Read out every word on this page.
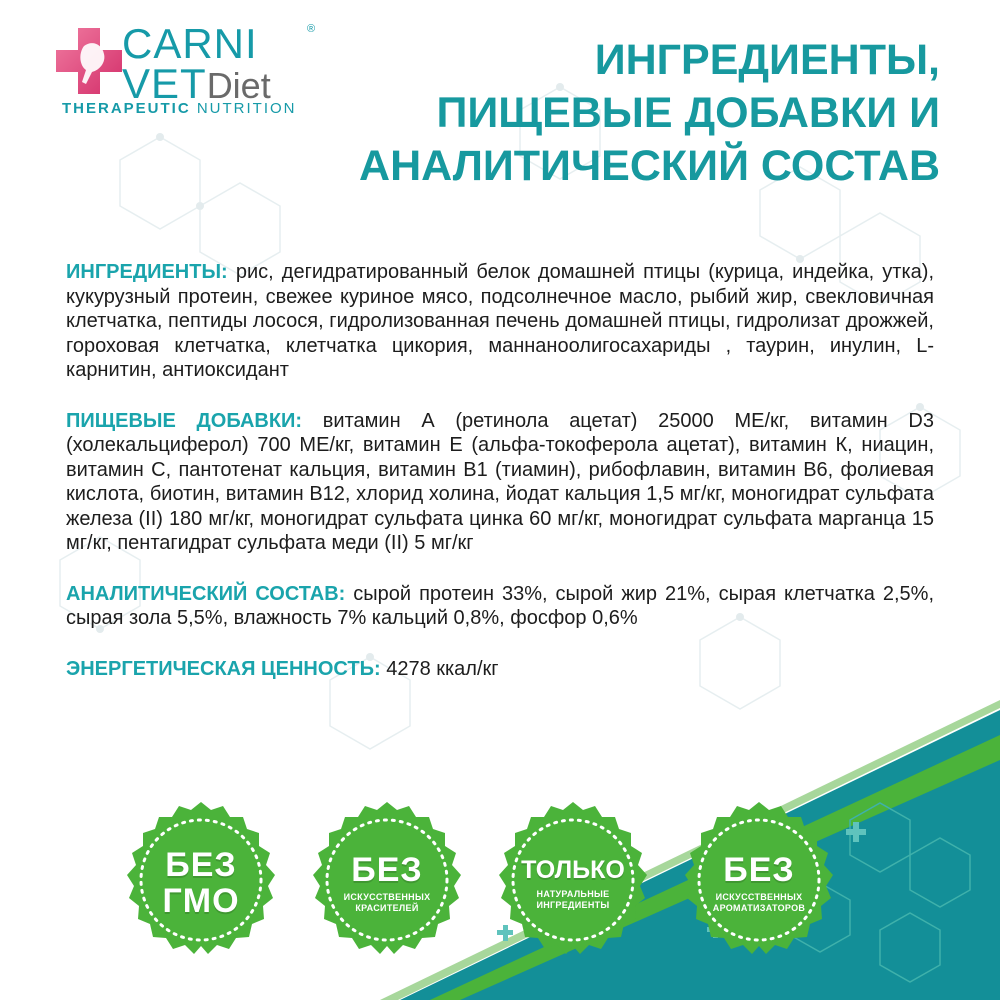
CARNI
VETDiet
®
THERAPEUTIC NUTRITION
ИНГРЕДИЕНТЫ,
ПИЩЕВЫЕ ДОБАВКИ И
АНАЛИТИЧЕСКИЙ СОСТАВ

ИНГРЕДИЕНТЫ: рис, дегидратированный белок домашней птицы (курица, индейка, утка), кукурузный протеин, свежее куриное мясо, подсолнечное масло, рыбий жир, свекловичная клетчатка, пептиды лосося, гидролизованная печень домашней птицы, гидролизат дрожжей, гороховая клетчатка, клетчатка цикория, маннаноолигосахариды , таурин, инулин, L-карнитин, антиоксидант

ПИЩЕВЫЕ ДОБАВКИ: витамин А (ретинола ацетат) 25000 МЕ/кг, витамин D3 (холекальциферол) 700 МЕ/кг, витамин Е (альфа-токоферола ацетат), витамин К, ниацин, витамин С, пантотенат кальция, витамин В1 (тиамин), рибофлавин, витамин В6, фолиевая кислота, биотин, витамин В12, хлорид холина, йодат кальция 1,5 мг/кг, моногидрат сульфата железа (II) 180 мг/кг, моногидрат сульфата цинка 60 мг/кг, моногидрат сульфата марганца 15 мг/кг, пентагидрат сульфата меди (II) 5 мг/кг

АНАЛИТИЧЕСКИЙ СОСТАВ: сырой протеин 33%, сырой жир 21%, сырая клетчатка 2,5%, сырая зола 5,5%, влажность 7% кальций 0,8%, фосфор 0,6%

ЭНЕРГЕТИЧЕСКАЯ ЦЕННОСТЬ: 4278 ккал/кг

БЕЗ
ГМО
БЕЗ
ИСКУССТВЕННЫХ
КРАСИТЕЛЕЙ
ТОЛЬКО
НАТУРАЛЬНЫЕ
ИНГРЕДИЕНТЫ
БЕЗ
ИСКУССТВЕННЫХ
АРОМАТИЗАТОРОВ
